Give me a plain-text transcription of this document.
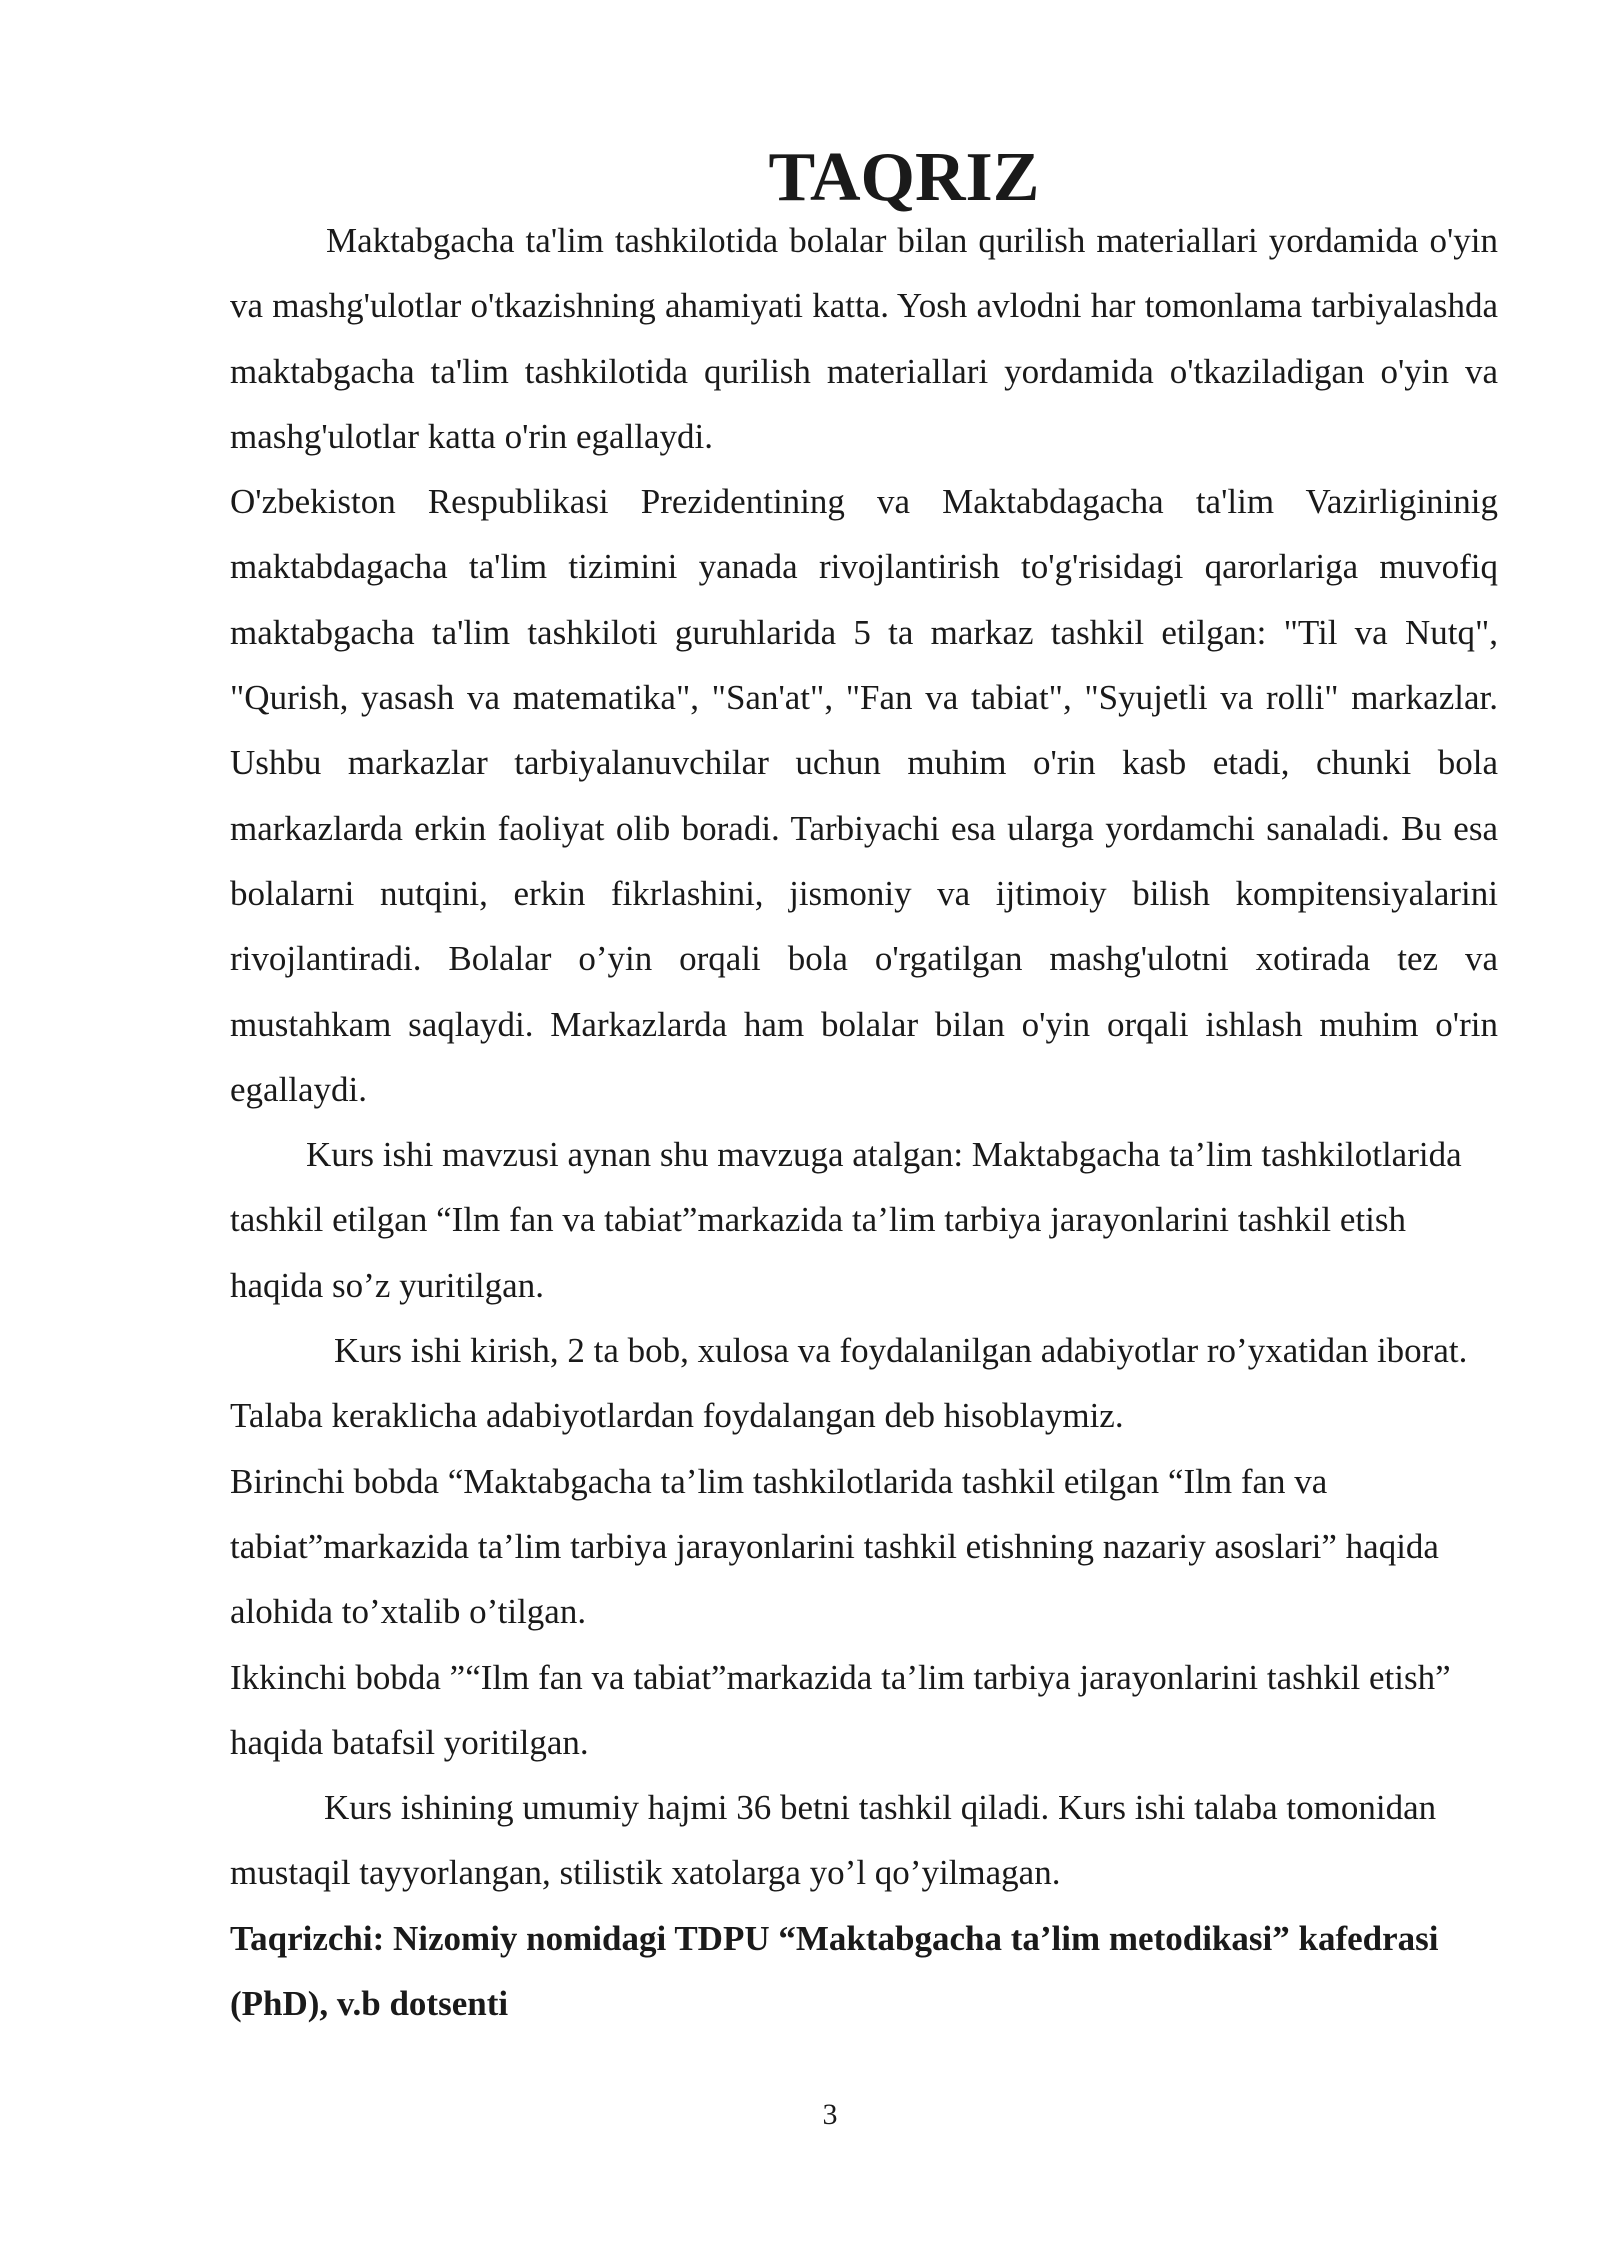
TAQRIZ

Maktabgacha ta'lim tashkilotida bolalar bilan qurilish materiallari yordamida o'yin va mashg'ulotlar o'tkazishning ahamiyati katta. Yosh avlodni har tomonlama tarbiyalashda maktabgacha ta'lim tashkilotida qurilish materiallari yordamida o'tkaziladigan o'yin va mashg'ulotlar katta o'rin egallaydi.

O'zbekiston Respublikasi Prezidentining va Maktabdagacha ta'lim Vazirligininig maktabdagacha ta'lim tizimini yanada rivojlantirish to'g'risidagi qarorlariga muvofiq maktabgacha ta'lim tashkiloti guruhlarida 5 ta markaz tashkil etilgan: "Til va Nutq", "Qurish, yasash va matematika", "San'at", "Fan va tabiat", "Syujetli va rolli" markazlar. Ushbu markazlar tarbiyalanuvchilar uchun muhim o'rin kasb etadi, chunki bola markazlarda erkin faoliyat olib boradi. Tarbiyachi esa ularga yordamchi sanaladi. Bu esa bolalarni nutqini, erkin fikrlashini, jismoniy va ijtimoiy bilish kompitensiyalarini rivojlantiradi. Bolalar o’yin orqali bola o'rgatilgan mashg'ulotni xotirada tez va mustahkam saqlaydi. Markazlarda ham bolalar bilan o'yin orqali ishlash muhim o'rin egallaydi.

Kurs ishi mavzusi aynan shu mavzuga atalgan: Maktabgacha ta’lim tashkilotlarida tashkil etilgan “Ilm fan va tabiat”markazida ta’lim tarbiya jarayonlarini tashkil etish haqida so’z yuritilgan.

Kurs ishi kirish, 2 ta bob, xulosa va foydalanilgan adabiyotlar ro’yxatidan iborat. Talaba keraklicha adabiyotlardan foydalangan deb hisoblaymiz.

Birinchi bobda “Maktabgacha ta’lim tashkilotlarida tashkil etilgan “Ilm fan va tabiat”markazida ta’lim tarbiya jarayonlarini tashkil etishning nazariy asoslari” haqida alohida to’xtalib o’tilgan.

Ikkinchi bobda ”“Ilm fan va tabiat”markazida ta’lim tarbiya jarayonlarini tashkil etish” haqida batafsil yoritilgan.

Kurs ishining umumiy hajmi 36 betni tashkil qiladi. Kurs ishi talaba tomonidan mustaqil tayyorlangan, stilistik xatolarga yo’l qo’yilmagan.

Taqrizchi: Nizomiy nomidagi TDPU “Maktabgacha ta’lim metodikasi” kafedrasi (PhD), v.b dotsenti

3
